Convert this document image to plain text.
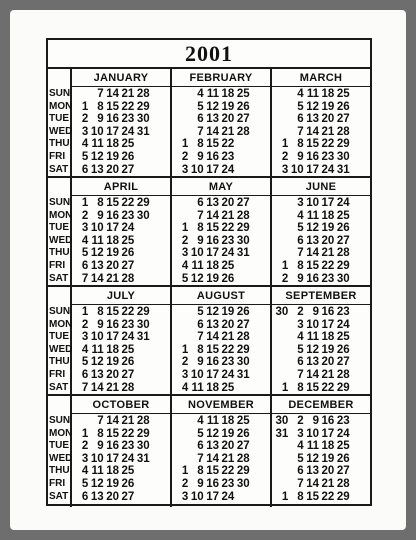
2001
SUN
MON
TUE
WED
THU
FRI
SAT
JANUARY
7 14 21 28
1 8 15 22 29
2 9 16 23 30
3 10 17 24 31
4 11 18 25
5 12 19 26
6 13 20 27
FEBRUARY
4 11 18 25
5 12 19 26
6 13 20 27
7 14 21 28
1 8 15 22
2 9 16 23
3 10 17 24
MARCH
4 11 18 25
5 12 19 26
6 13 20 27
7 14 21 28
1 8 15 22 29
2 9 16 23 30
3 10 17 24 31
SUN
MON
TUE
WED
THU
FRI
SAT
APRIL
1 8 15 22 29
2 9 16 23 30
3 10 17 24
4 11 18 25
5 12 19 26
6 13 20 27
7 14 21 28
MAY
6 13 20 27
7 14 21 28
1 8 15 22 29
2 9 16 23 30
3 10 17 24 31
4 11 18 25
5 12 19 26
JUNE
3 10 17 24
4 11 18 25
5 12 19 26
6 13 20 27
7 14 21 28
1 8 15 22 29
2 9 16 23 30
SUN
MON
TUE
WED
THU
FRI
SAT
JULY
1 8 15 22 29
2 9 16 23 30
3 10 17 24 31
4 11 18 25
5 12 19 26
6 13 20 27
7 14 21 28
AUGUST
5 12 19 26
6 13 20 27
7 14 21 28
1 8 15 22 29
2 9 16 23 30
3 10 17 24 31
4 11 18 25
SEPTEMBER
30 2 9 16 23
3 10 17 24
4 11 18 25
5 12 19 26
6 13 20 27
7 14 21 28
1 8 15 22 29
SUN
MON
TUE
WED
THU
FRI
SAT
OCTOBER
7 14 21 28
1 8 15 22 29
2 9 16 23 30
3 10 17 24 31
4 11 18 25
5 12 19 26
6 13 20 27
NOVEMBER
4 11 18 25
5 12 19 26
6 13 20 27
7 14 21 28
1 8 15 22 29
2 9 16 23 30
3 10 17 24
DECEMBER
30 2 9 16 23
31 3 10 17 24
4 11 18 25
5 12 19 26
6 13 20 27
7 14 21 28
1 8 15 22 29
